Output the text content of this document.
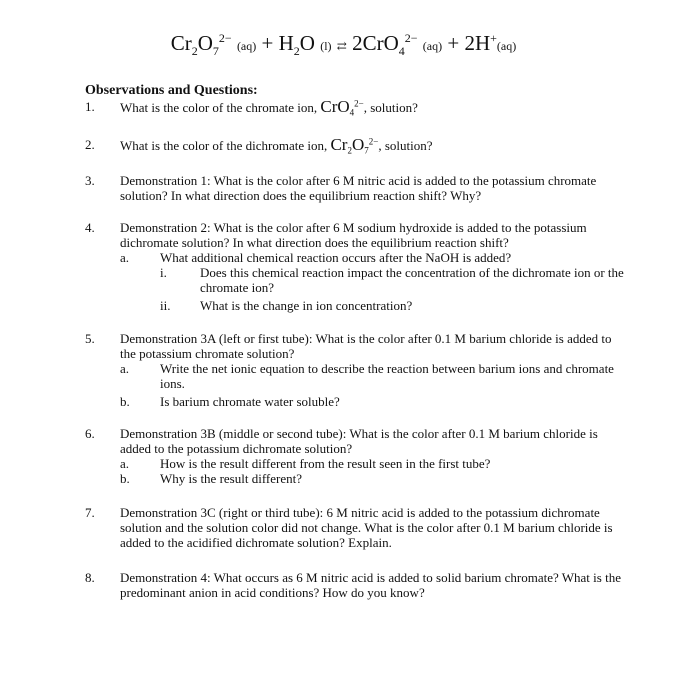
$Cr_2O_7^{2-}$ $(aq) + H_2O$ (l) ⇄ 2CrO$_4^{2-}$ (aq) + 2H+(aq)
Observations and Questions:
1. What is the color of the chromate ion, CrO$_4^{2-}$, solution?
2. What is the color of the dichromate ion, $Cr_2O_7^{2-}$, solution?
3. Demonstration 1: What is the color after 6 M nitric acid is added to the potassium chromate solution? In what direction does the equilibrium reaction shift? Why?
4. Demonstration 2: What is the color after 6 M sodium hydroxide is added to the potassium dichromate solution? In what direction does the equilibrium reaction shift?
a. What additional chemical reaction occurs after the NaOH is added?
i.	Does this chemical reaction impact the concentration of the dichromate ion or the chromate ion?
ii. What is the change in ion concentration?
5. Demonstration 3A (left or first tube): What is the color after 0.1 M barium chloride is added to the potassium chromate solution?
a. Write the net ionic equation to describe the reaction between barium ions and chromate ions.
b. Is barium chromate water soluble?
6. Demonstration 3B (middle or second tube): What is the color after 0.1 M barium chloride is added to the potassium dichromate solution?
a. How is the result different from the result seen in the first tube?
b. Why is the result different?
7. Demonstration 3C (right or third tube): 6 M nitric acid is added to the potassium dichromate solution and the solution color did not change. What is the color after 0.1 M barium chloride is added to the acidified dichromate solution? Explain.
8. Demonstration 4: What occurs as 6 M nitric acid is added to solid barium chromate? What is the predominant anion in acid conditions? How do you know?
